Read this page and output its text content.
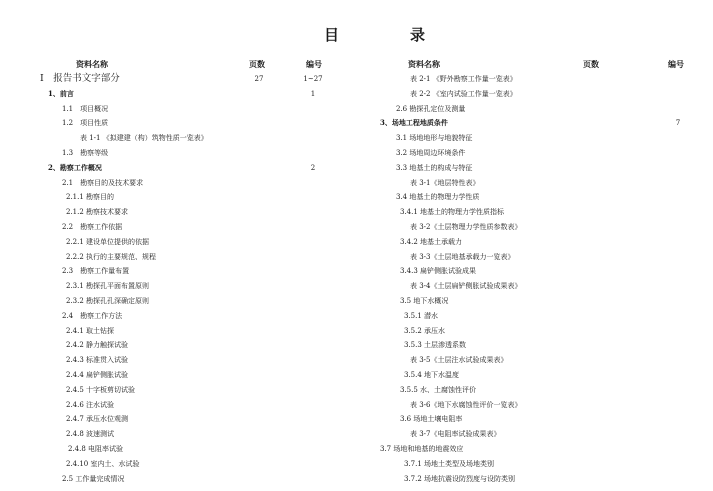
目	录
资料名称	页数	编号	资料名称	页数	编号
Ⅰ　报告书文字部分	27	1~27
1、前言	1
1.1　项目概况
1.2　项目性质
表 1-1 《拟建建（构）筑物性质一览表》
1.3　勘察等级
2、勘察工作概况	2
2.1　勘察目的及技术要求
2.1.1 勘察目的
2.1.2 勘察技术要求
2.2　勘察工作依据
2.2.1 建设单位提供的依据
2.2.2 执行的主要规范、规程
2.3　勘察工作量布置
2.3.1 勘探孔平面布置原则
2.3.2 勘探孔孔深确定原则
2.4　勘察工作方法
2.4.1 取土钻探
2.4.2 静力触探试验
2.4.3 标准贯入试验
2.4.4 扁铲侧胀试验
2.4.5 十字板剪切试验
2.4.6 注水试验
2.4.7 承压水位观测
2.4.8 波速测试
2.4.8 电阻率试验
2.4.10 室内土、水试验
2.5 工作量完成情况
表 2-1 《野外勘察工作量一览表》
表 2-2 《室内试验工作量一览表》
2.6 勘探孔定位及测量
3、场地工程地质条件	7
3.1 场地地形与地貌特征
3.2 场地周边环境条件
3.3 地基土的构成与特征
表 3-1《地层特性表》
3.4 地基土的物理力学性质
3.4.1 地基土的物理力学性质指标
表 3-2《土层物理力学性质参数表》
3.4.2 地基土承载力
表 3-3《土层地基承载力一览表》
3.4.3 扁铲侧胀试验成果
表 3-4《土层扁铲侧胀试验成果表》
3.5 地下水概况
3.5.1 潜水
3.5.2 承压水
3.5.3 土层渗透系数
表 3-5《土层注水试验成果表》
3.5.4 地下水温度
3.5.5 水、土腐蚀性评价
表 3-6《地下水腐蚀性评价一览表》
3.6 场地土壤电阻率
表 3-7《电阻率试验成果表》
3.7 场地和地基的地震效应
3.7.1 场地土类型及场地类别
3.7.2 场地抗震设防烈度与设防类别
